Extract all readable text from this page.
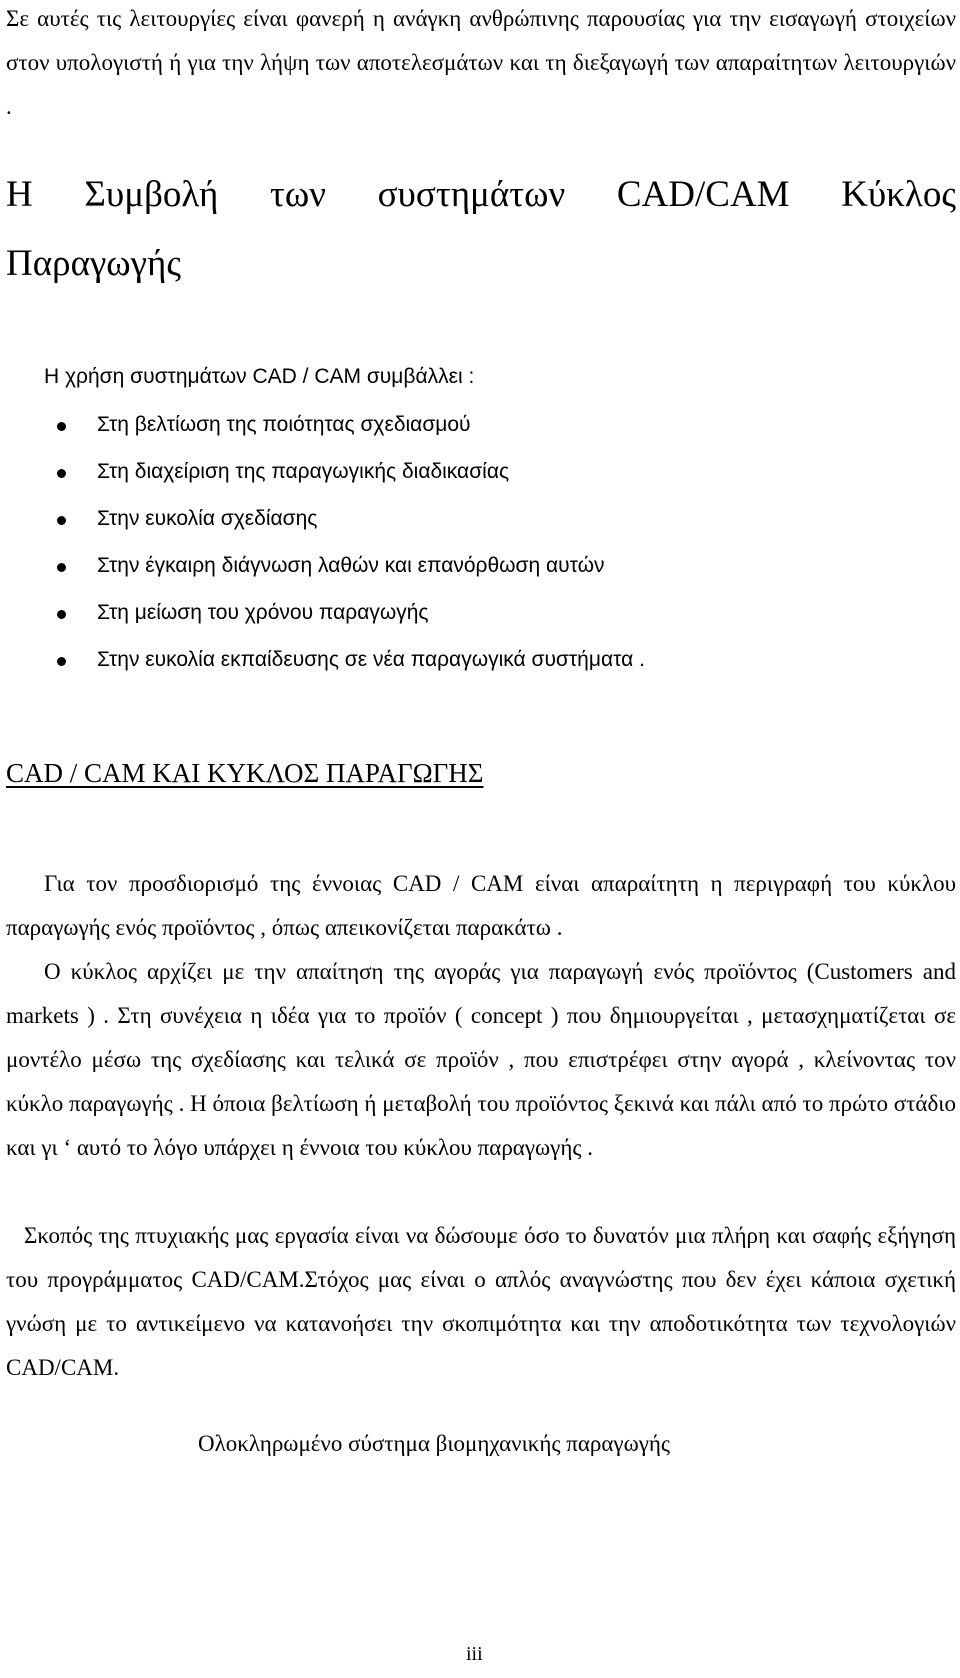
Σε αυτές τις λειτουργίες είναι φανερή η ανάγκη ανθρώπινης παρουσίας για την εισαγωγή στοιχείων στον υπολογιστή ή για την λήψη των αποτελεσμάτων και τη διεξαγωγή των απαραίτητων λειτουργιών .

Η Συμβολή των συστημάτων CAD/CAM Κύκλος
Παραγωγής

Η χρήση συστημάτων CAD / CAM συμβάλλει :

Στη βελτίωση της ποιότητας σχεδιασμού
Στη διαχείριση της παραγωγικής διαδικασίας
Στην ευκολία σχεδίασης
Στην έγκαιρη διάγνωση λαθών και επανόρθωση αυτών
Στη μείωση του χρόνου παραγωγής
Στην ευκολία εκπαίδευσης σε νέα παραγωγικά συστήματα .
CAD / CAM ΚΑΙ ΚΥΚΛΟΣ ΠΑΡΑΓΩΓΗΣ

Για τον προσδιορισμό της έννοιας CAD / CAM είναι απαραίτητη η περιγραφή του κύκλου παραγωγής ενός προϊόντος , όπως απεικονίζεται παρακάτω .

Ο κύκλος αρχίζει με την απαίτηση της αγοράς για παραγωγή ενός προϊόντος (Customers and markets ) . Στη συνέχεια η ιδέα για το προϊόν ( concept ) που δημιουργείται , μετασχηματίζεται σε μοντέλο μέσω της σχεδίασης και τελικά σε προϊόν , που επιστρέφει στην αγορά , κλείνοντας τον κύκλο παραγωγής . Η όποια βελτίωση ή μεταβολή του προϊόντος ξεκινά και πάλι από το πρώτο στάδιο και γι ‘ αυτό το λόγο υπάρχει η έννοια του κύκλου παραγωγής .

Σκοπός της πτυχιακής μας εργασία είναι να δώσουμε όσο το δυνατόν μια πλήρη και σαφής εξήγηση του προγράμματος CAD/CAM.Στόχος μας είναι ο απλός αναγνώστης που δεν έχει κάποια σχετική γνώση με το αντικείμενο να κατανοήσει την σκοπιμότητα και την αποδοτικότητα των τεχνολογιών CAD/CAM.

Ολοκληρωμένο σύστημα βιομηχανικής παραγωγής

iii
